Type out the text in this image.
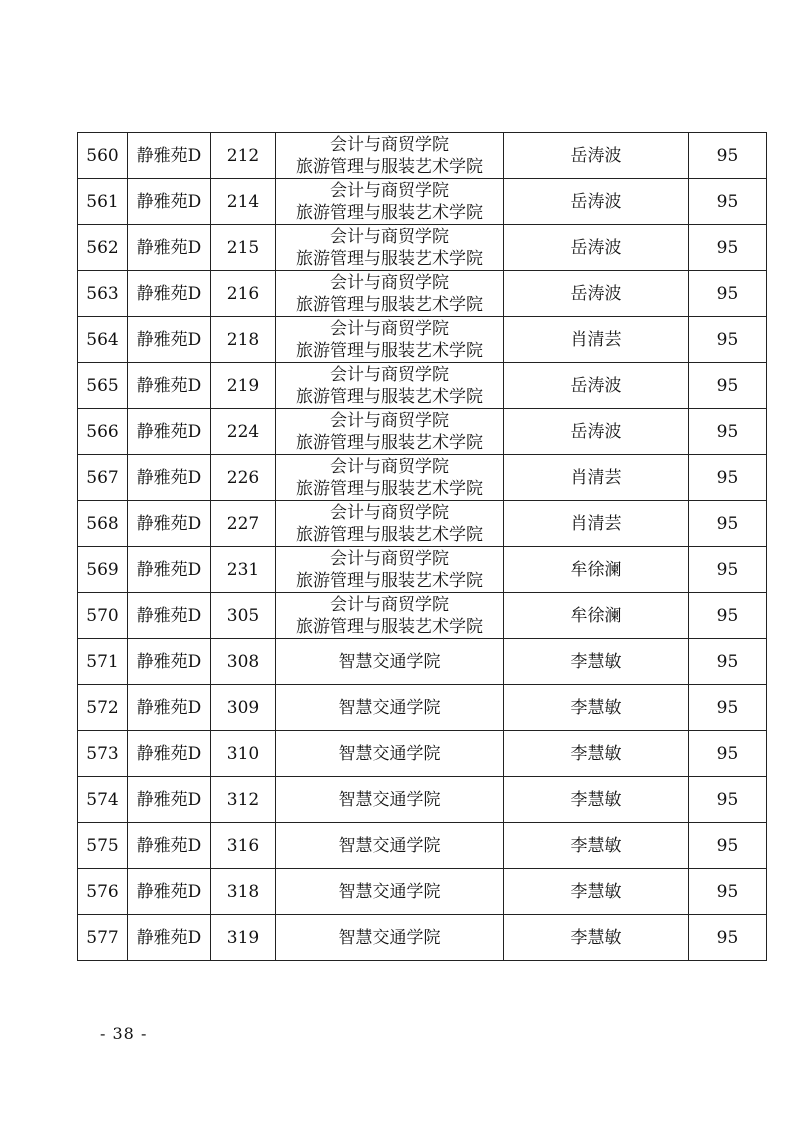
560	静雅苑D	212	会计与商贸学院
旅游管理与服装艺术学院	岳涛波	95
561	静雅苑D	214	会计与商贸学院
旅游管理与服装艺术学院	岳涛波	95
562	静雅苑D	215	会计与商贸学院
旅游管理与服装艺术学院	岳涛波	95
563	静雅苑D	216	会计与商贸学院
旅游管理与服装艺术学院	岳涛波	95
564	静雅苑D	218	会计与商贸学院
旅游管理与服装艺术学院	肖清芸	95
565	静雅苑D	219	会计与商贸学院
旅游管理与服装艺术学院	岳涛波	95
566	静雅苑D	224	会计与商贸学院
旅游管理与服装艺术学院	岳涛波	95
567	静雅苑D	226	会计与商贸学院
旅游管理与服装艺术学院	肖清芸	95
568	静雅苑D	227	会计与商贸学院
旅游管理与服装艺术学院	肖清芸	95
569	静雅苑D	231	会计与商贸学院
旅游管理与服装艺术学院	牟徐澜	95
570	静雅苑D	305	会计与商贸学院
旅游管理与服装艺术学院	牟徐澜	95
571	静雅苑D	308	智慧交通学院	李慧敏	95
572	静雅苑D	309	智慧交通学院	李慧敏	95
573	静雅苑D	310	智慧交通学院	李慧敏	95
574	静雅苑D	312	智慧交通学院	李慧敏	95
575	静雅苑D	316	智慧交通学院	李慧敏	95
576	静雅苑D	318	智慧交通学院	李慧敏	95
577	静雅苑D	319	智慧交通学院	李慧敏	95
- 38 -
